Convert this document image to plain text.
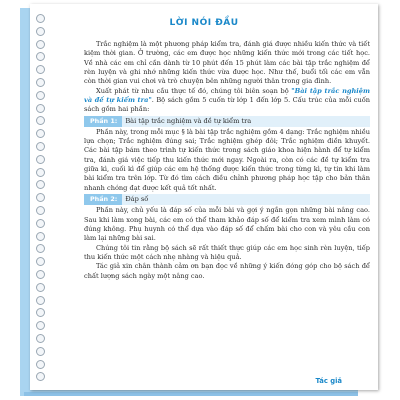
LỜI NÓI ĐẦU

Trắc nghiệm là một phương pháp kiểm tra, đánh giá được nhiều kiến thức và tiết kiệm thời gian. Ở trường, các em được học những kiến thức mới trong các tiết học. Về nhà các em chỉ cần dành từ 10 phút đến 15 phút làm các bài tập trắc nghiệm để rèn luyện và ghi nhớ những kiến thức vừa được học. Như thế, buổi tối các em vẫn còn thời gian vui chơi và trò chuyện bên những người thân trong gia đình.

Xuất phát từ nhu cầu thực tế đó, chúng tôi biên soạn bộ "Bài tập trắc nghiệm và đề tự kiểm tra". Bộ sách gồm 5 cuốn từ lớp 1 đến lớp 5. Cấu trúc của mỗi cuốn sách gồm hai phần:

Phần 1: Bài tập trắc nghiệm và đề tự kiểm tra

Phần này, trong mỗi mục § là bài tập trắc nghiệm gồm 4 dạng: Trắc nghiệm nhiều lựa chọn; Trắc nghiệm đúng sai; Trắc nghiệm ghép đôi; Trắc nghiệm điền khuyết. Các bài tập bám theo trình tự kiến thức trong sách giáo khoa hiện hành để tự kiểm tra, đánh giá việc tiếp thu kiến thức mới ngay. Ngoài ra, còn có các đề tự kiểm tra giữa kì, cuối kì để giúp các em hệ thống được kiến thức trong từng kì, tự tin khi làm bài kiểm tra trên lớp. Từ đó tìm cách điều chỉnh phương pháp học tập cho bản thân nhanh chóng đạt được kết quả tốt nhất.

Phần 2: Đáp số

Phần này, chủ yếu là đáp số của mỗi bài và gợi ý ngắn gọn những bài nâng cao. Sau khi làm xong bài, các em có thể tham khảo đáp số để kiểm tra xem mình làm có đúng không. Phụ huynh có thể dựa vào đáp số để chấm bài cho con và yêu cầu con làm lại những bài sai.

Chúng tôi tin rằng bộ sách sẽ rất thiết thực giúp các em học sinh rèn luyện, tiếp thu kiến thức một cách nhẹ nhàng và hiệu quả.

Tác giả xin chân thành cảm ơn bạn đọc về những ý kiến đóng góp cho bộ sách để chất lượng sách ngày một nâng cao.

Tác giả
